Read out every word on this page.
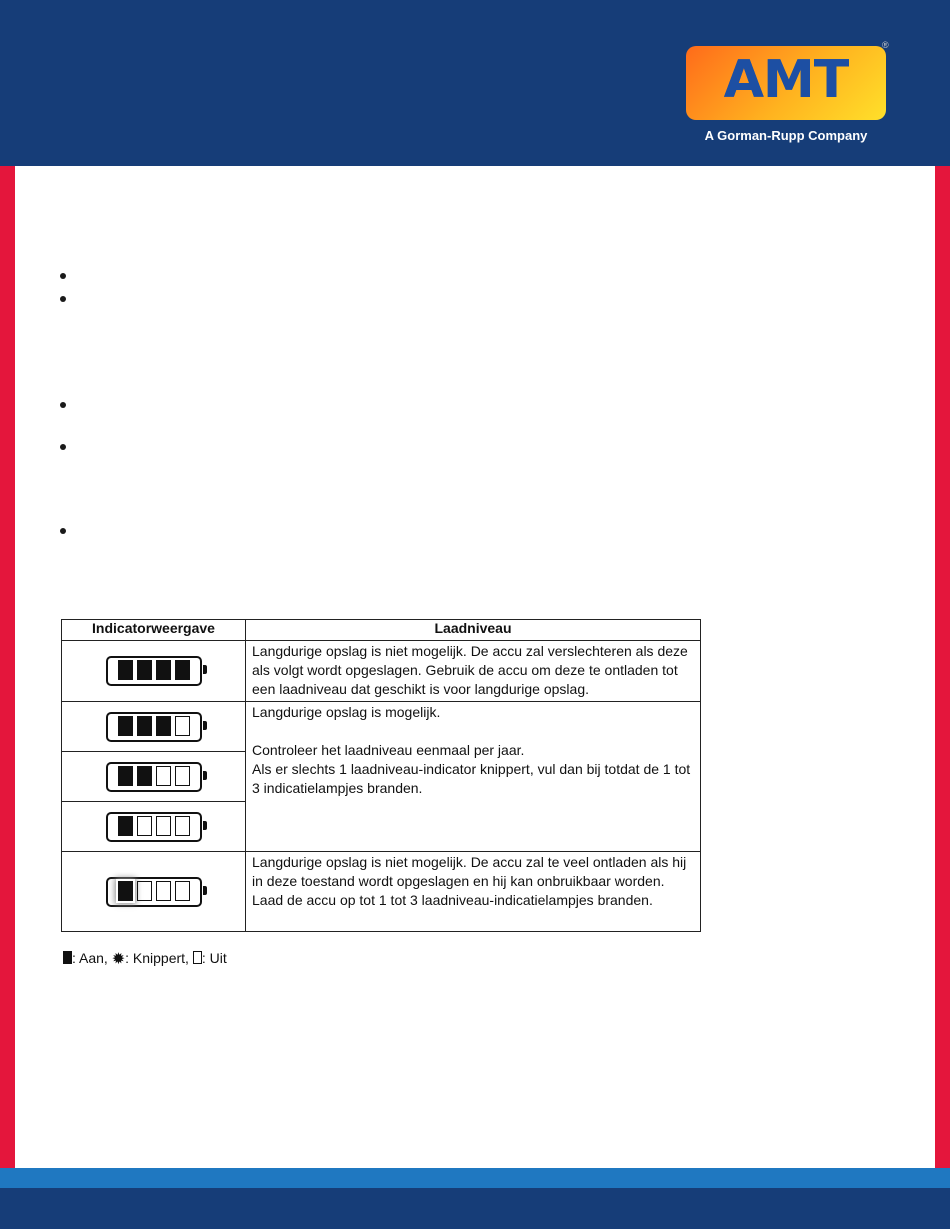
AMT
®
A Gorman-Rupp Company
Indicatorweergave	Laadniveau
	Langdurige opslag is niet mogelijk. De accu zal verslechteren als deze als volgt wordt opgeslagen. Gebruik de accu om deze te ontladen tot een laadniveau dat geschikt is voor langdurige opslag.

	Langdurige opslag is mogelijk.
Controleer het laadniveau eenmaal per jaar.
Als er slechts 1 laadniveau-indicator knippert, vul dan bij totdat de 1 tot 3 indicatielampjes branden.

	Langdurige opslag is niet mogelijk. De accu zal te veel ontladen als hij in deze toestand wordt opgeslagen en hij kan onbruikbaar worden. Laad de accu op tot 1 tot 3 laadniveau-indicatielampjes branden.
: Aan, ✹: Knippert, : Uit
